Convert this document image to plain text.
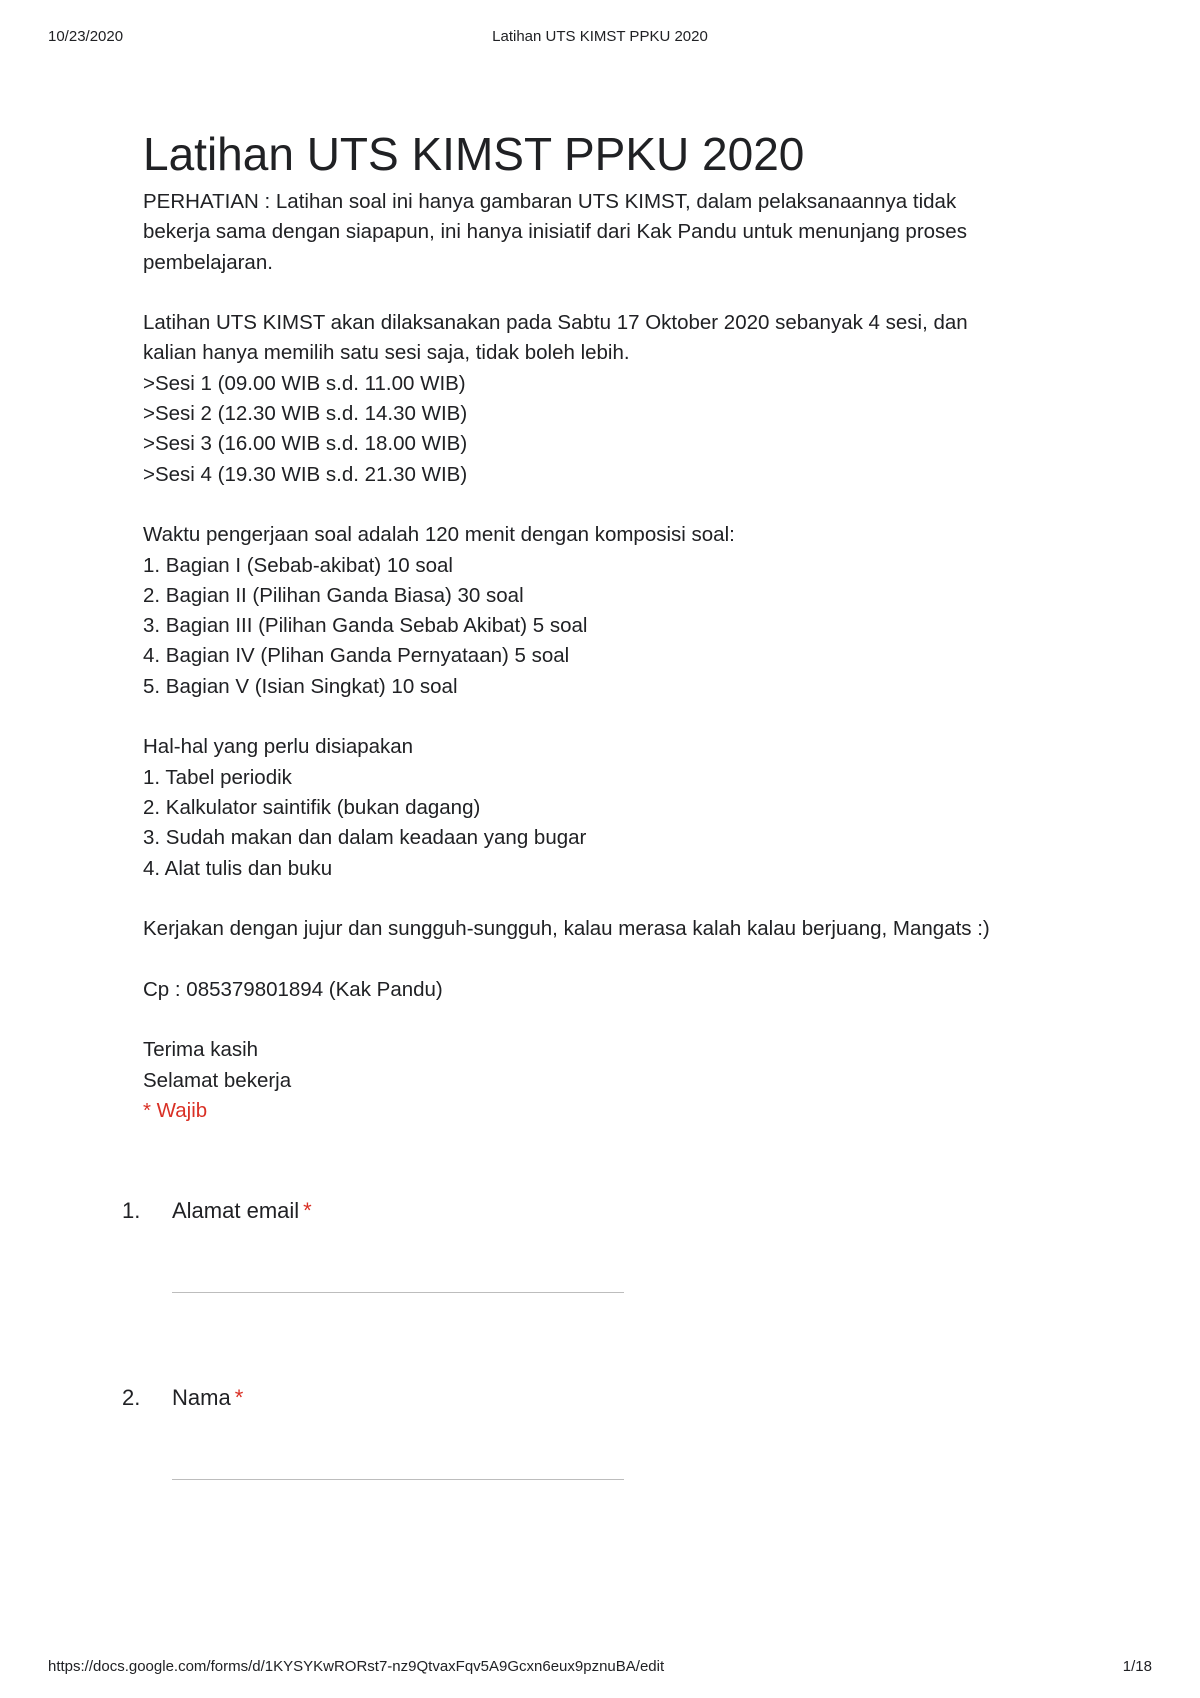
10/23/2020	Latihan UTS KIMST PPKU 2020
Latihan UTS KIMST PPKU 2020
PERHATIAN : Latihan soal ini hanya gambaran UTS KIMST, dalam pelaksanaannya tidak
bekerja sama dengan siapapun, ini hanya inisiatif dari Kak Pandu untuk menunjang proses
pembelajaran.
Latihan UTS KIMST akan dilaksanakan pada Sabtu 17 Oktober 2020 sebanyak 4 sesi, dan
kalian hanya memilih satu sesi saja, tidak boleh lebih.
>Sesi 1 (09.00 WIB s.d. 11.00 WIB)
>Sesi 2 (12.30 WIB s.d. 14.30 WIB)
>Sesi 3 (16.00 WIB s.d. 18.00 WIB)
>Sesi 4 (19.30 WIB s.d. 21.30 WIB)
Waktu pengerjaan soal adalah 120 menit dengan komposisi soal:
1. Bagian I (Sebab-akibat) 10 soal
2. Bagian II (Pilihan Ganda Biasa) 30 soal
3. Bagian III (Pilihan Ganda Sebab Akibat) 5 soal
4. Bagian IV (Plihan Ganda Pernyataan) 5 soal
5. Bagian V (Isian Singkat) 10 soal
Hal-hal yang perlu disiapakan
1. Tabel periodik
2. Kalkulator saintifik (bukan dagang)
3. Sudah makan dan dalam keadaan yang bugar
4. Alat tulis dan buku
Kerjakan dengan jujur dan sungguh-sungguh, kalau merasa kalah kalau berjuang, Mangats :)
Cp : 085379801894 (Kak Pandu)
Terima kasih
Selamat bekerja
* Wajib
1. Alamat email *
2. Nama *
https://docs.google.com/forms/d/1KYSYKwRORst7-nz9QtvaxFqv5A9Gcxn6eux9pznuBA/edit	1/18
